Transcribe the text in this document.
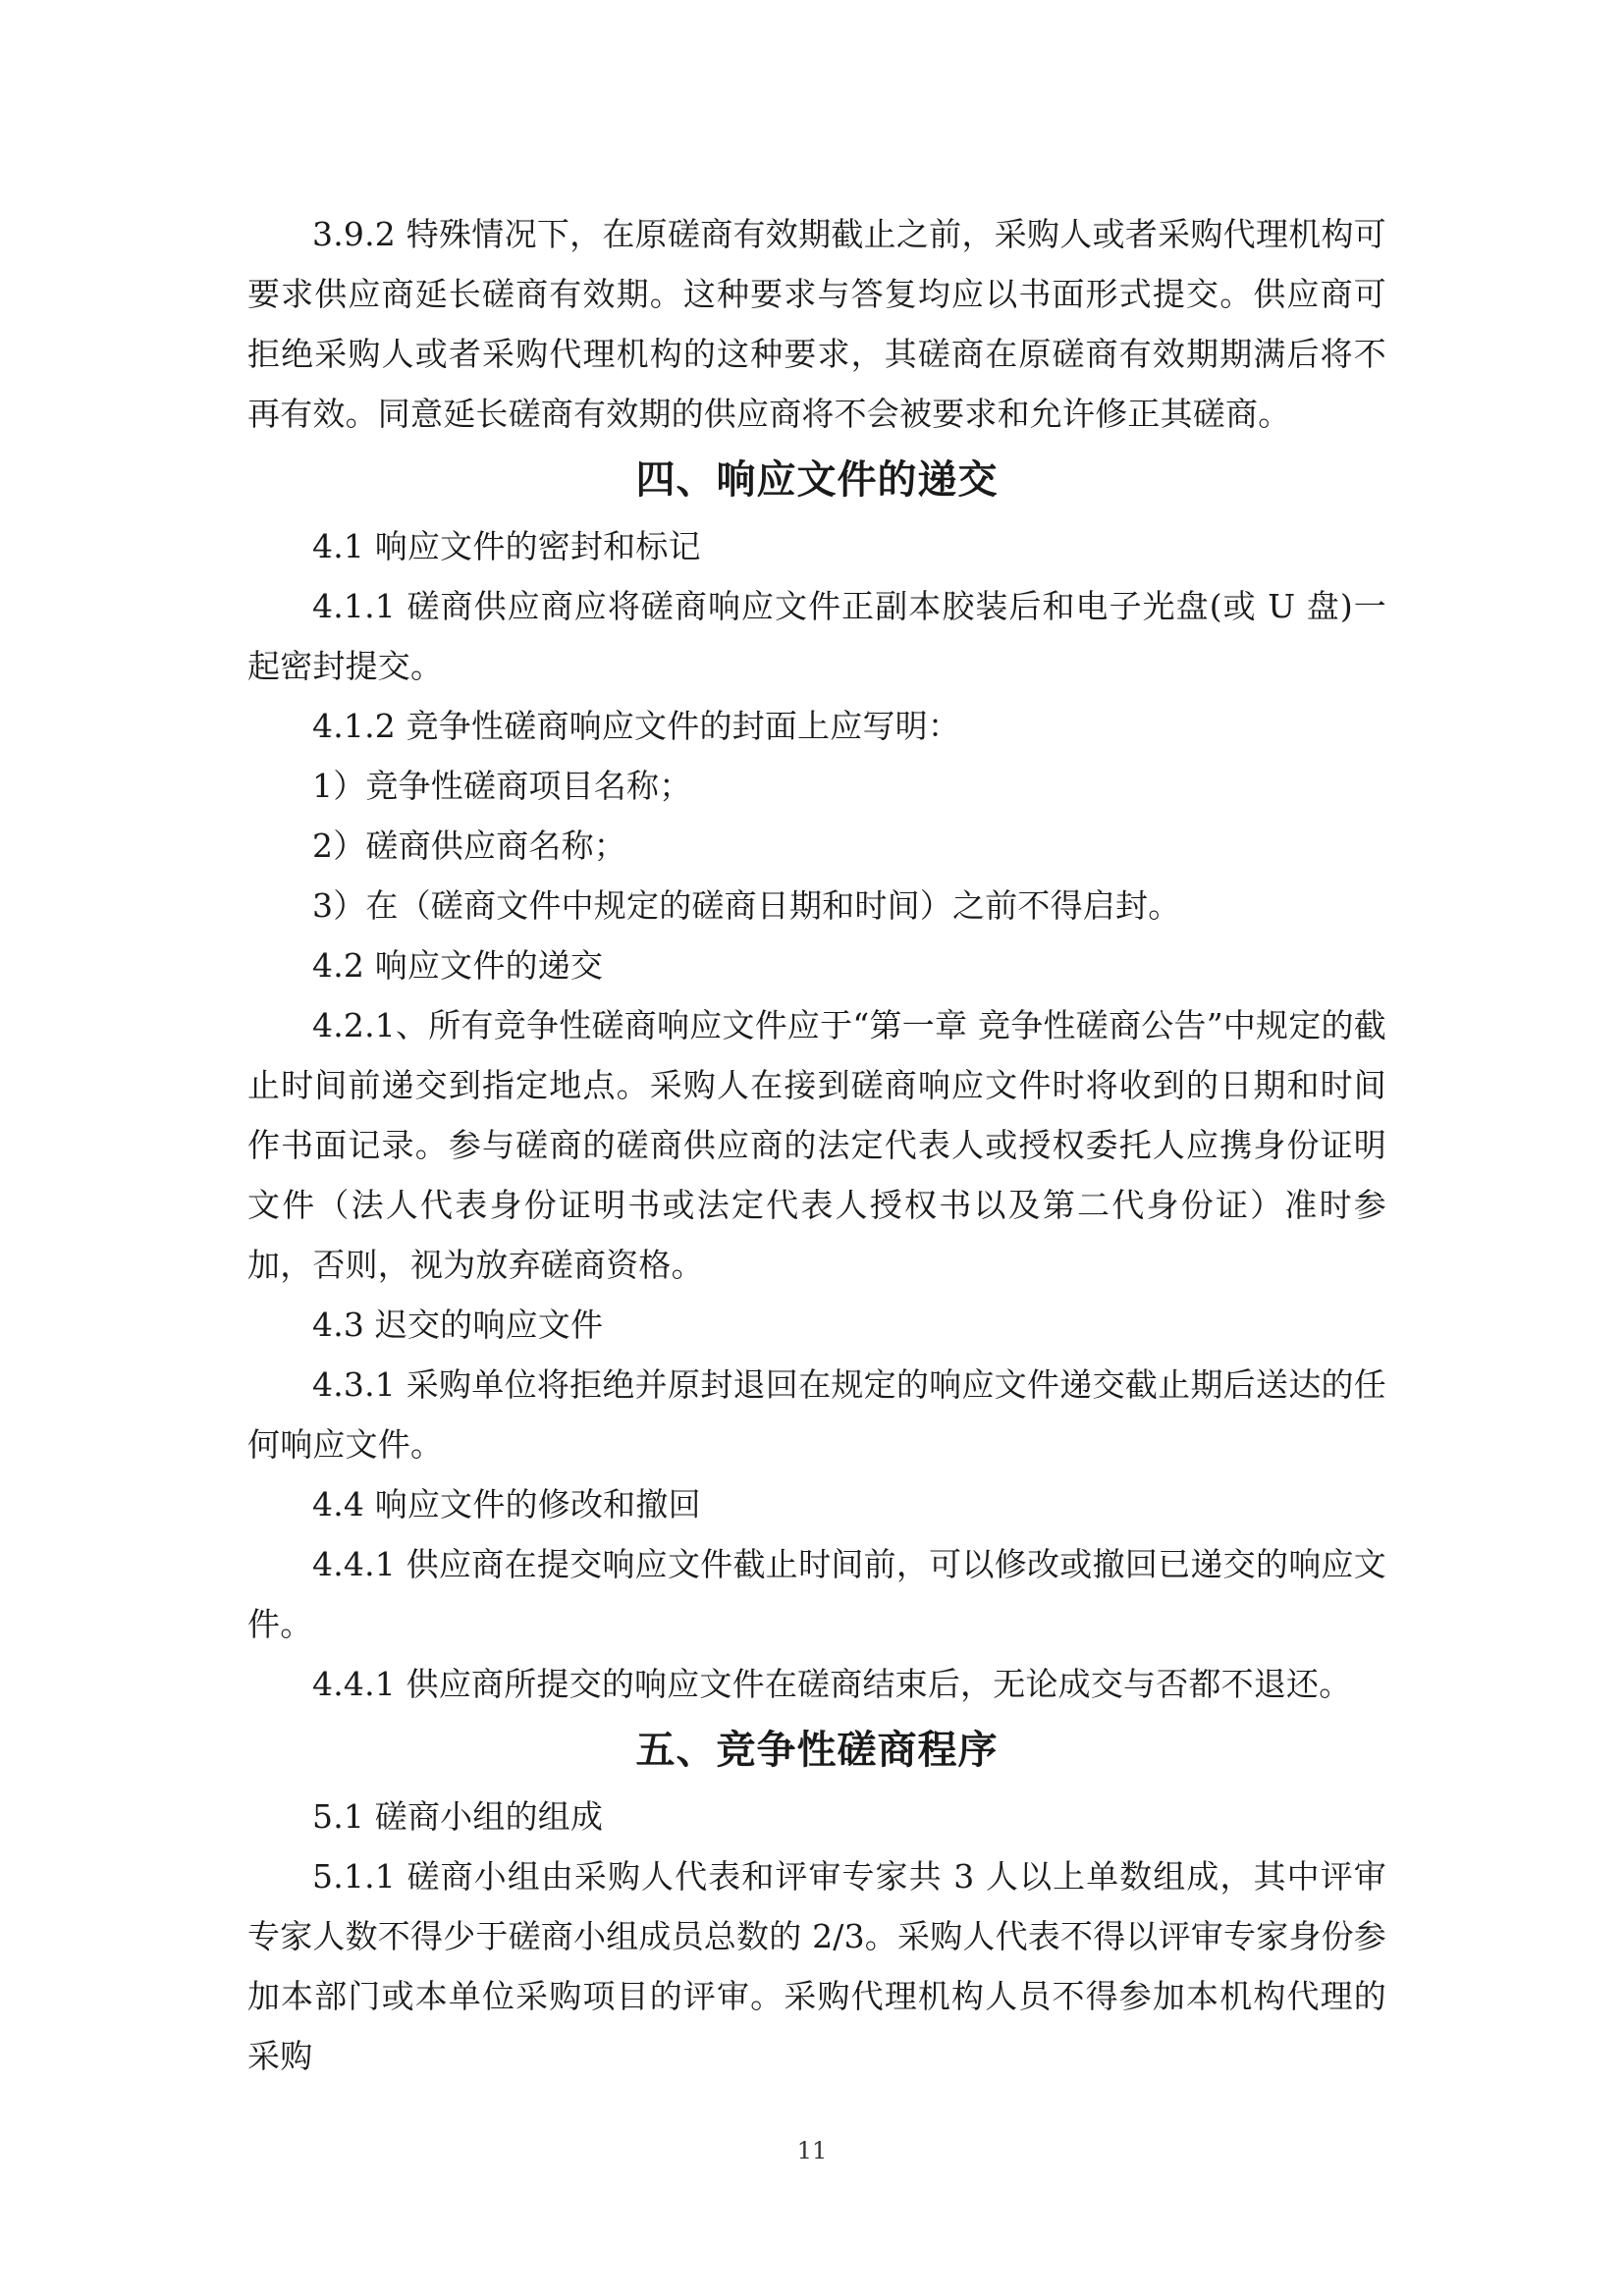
3.9.2 特殊情况下，在原磋商有效期截止之前，采购人或者采购代理机构可要求供应商延长磋商有效期。这种要求与答复均应以书面形式提交。供应商可拒绝采购人或者采购代理机构的这种要求，其磋商在原磋商有效期期满后将不再有效。同意延长磋商有效期的供应商将不会被要求和允许修正其磋商。

四、响应文件的递交

4.1 响应文件的密封和标记

4.1.1 磋商供应商应将磋商响应文件正副本胶装后和电子光盘(或 U 盘)一起密封提交。

4.1.2 竞争性磋商响应文件的封面上应写明：

1）竞争性磋商项目名称；

2）磋商供应商名称；

3）在（磋商文件中规定的磋商日期和时间）之前不得启封。

4.2 响应文件的递交

4.2.1、所有竞争性磋商响应文件应于“第一章 竞争性磋商公告”中规定的截止时间前递交到指定地点。采购人在接到磋商响应文件时将收到的日期和时间作书面记录。参与磋商的磋商供应商的法定代表人或授权委托人应携身份证明文件（法人代表身份证明书或法定代表人授权书以及第二代身份证）准时参加，否则，视为放弃磋商资格。

4.3 迟交的响应文件

4.3.1 采购单位将拒绝并原封退回在规定的响应文件递交截止期后送达的任何响应文件。

4.4 响应文件的修改和撤回

4.4.1 供应商在提交响应文件截止时间前，可以修改或撤回已递交的响应文件。

4.4.1 供应商所提交的响应文件在磋商结束后，无论成交与否都不退还。

五、竞争性磋商程序

5.1 磋商小组的组成

5.1.1 磋商小组由采购人代表和评审专家共 3 人以上单数组成，其中评审专家人数不得少于磋商小组成员总数的 2/3。采购人代表不得以评审专家身份参加本部门或本单位采购项目的评审。采购代理机构人员不得参加本机构代理的采购

11
